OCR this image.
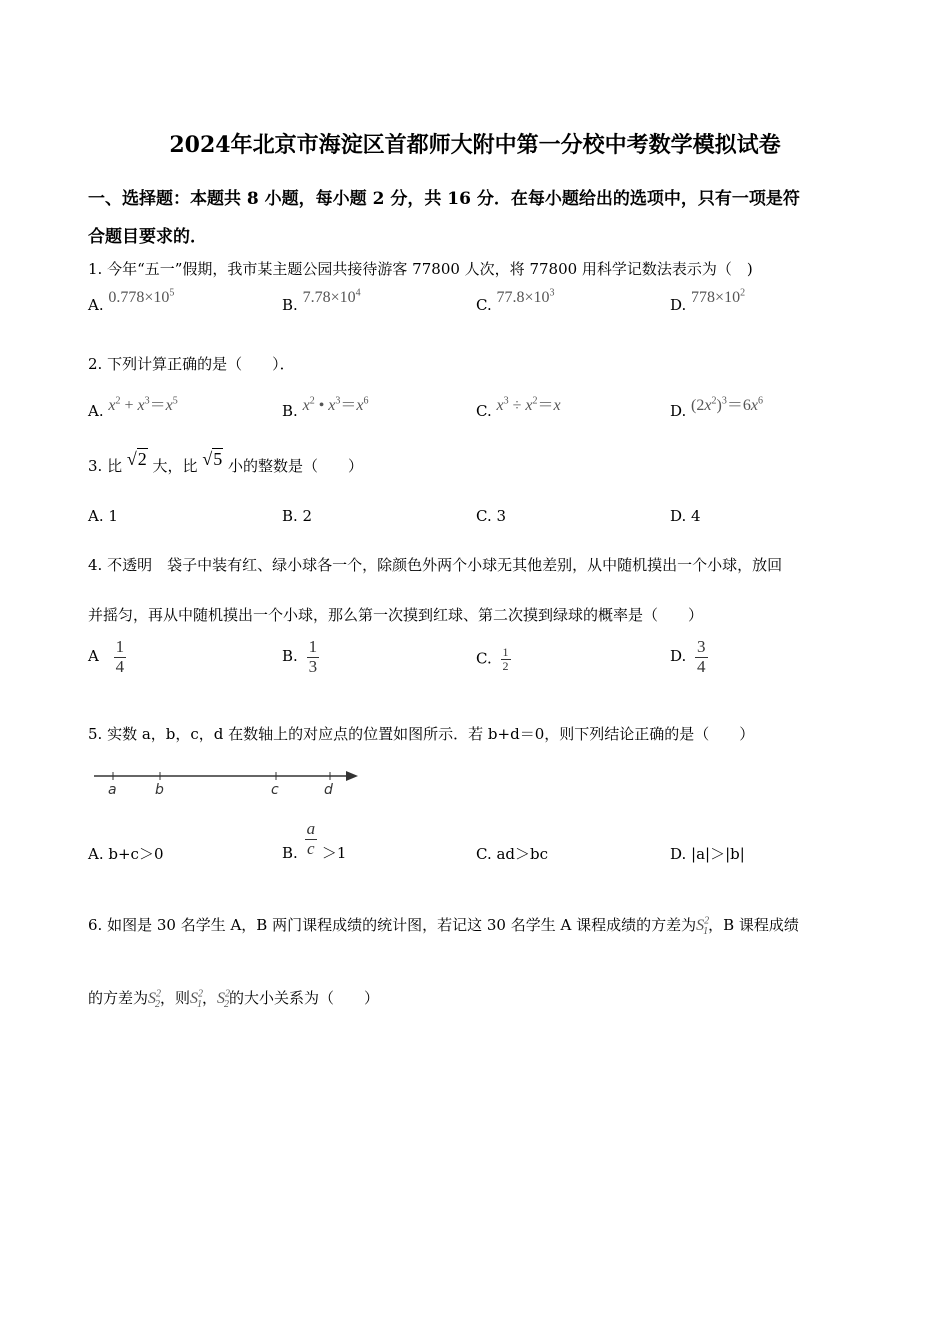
2024年北京市海淀区首都师大附中第一分校中考数学模拟试卷
一、选择题：本题共 8 小题，每小题 2 分，共 16 分．在每小题给出的选项中，只有一项是符
合题目要求的．
1. 今年“五一”假期，我市某主题公园共接待游客 77800 人次，将 77800 用科学记数法表示为（　)
A. $0.778\times 10^5$
B. $7.78\times 10^4$
C. $77.8\times 10^3$
D. $778\times 10^2$
2. 下列计算正确的是（　　）．
A. $x^2 + x^3=x^5$
B. $x^2$ • $x^3=x^6$
C. $x^3 \div x^2=x$	D. $(2x^2)^3=6x^6$
3. 比 √2 大，比 √5 小的整数是（　　）
A. 1	B. 2	C. 3	D. 4
4. 不透明　袋子中装有红、绿小球各一个，除颜色外两个小球无其他差别，从中随机摸出一个小球，放回
并摇匀，再从中随机摸出一个小球，那么第一次摸到红球、第二次摸到绿球的概率是（　　）
A $\frac{1}{4}$	B. $\frac{1}{3}$	C. $\frac{1}{2}$	D. $\frac{3}{4}$
5. 实数 a，b，c，d 在数轴上的对应点的位置如图所示．若 b+d＝0，则下列结论正确的是（　　）
a	b	c	d
A. b+c＞0	B. $\frac{a}{c} >1$	C. ad＞bc	D. |a|＞|b|
6. 如图是 30 名学生 A，B 两门课程成绩的统计图，若记这 30 名学生 A 课程成绩的方差为$S^2_1$，B 课程成绩
的方差为$S^2_2$，则$S^2_1$，$S^2_2$的大小关系为（　　）
